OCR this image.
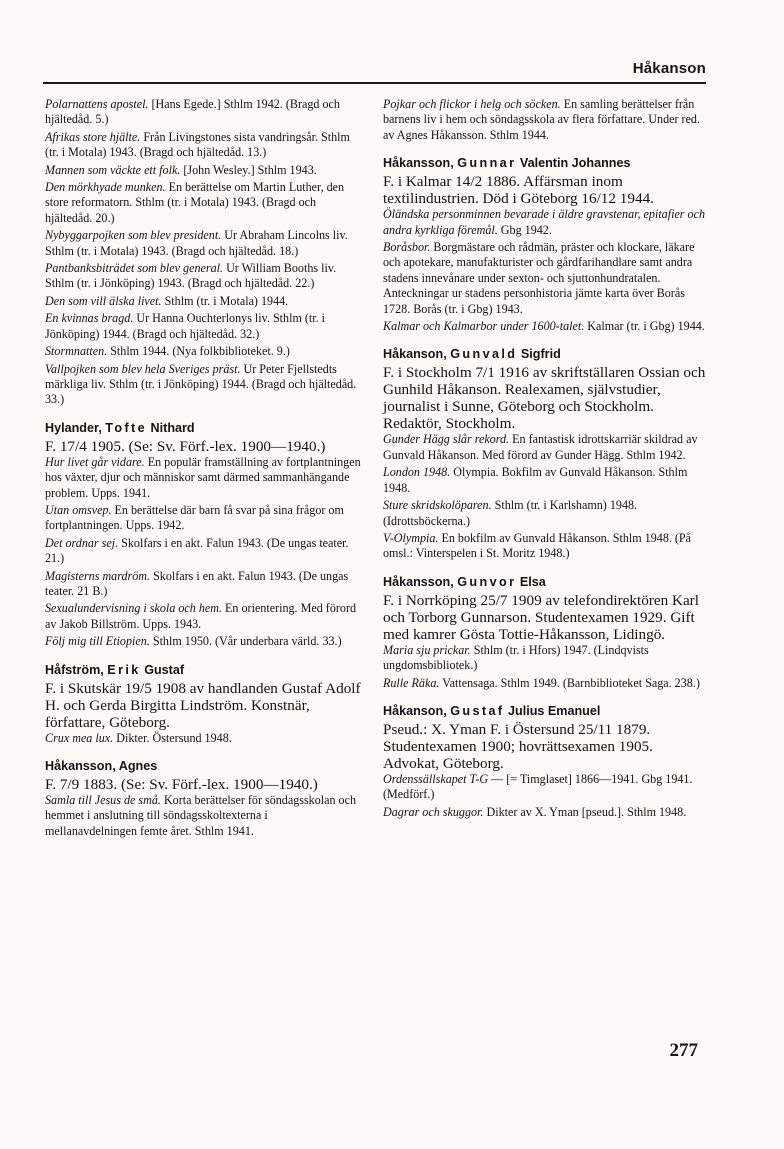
Håkanson

Polarnattens apostel. [Hans Egede.] Sthlm 1942. (Bragd och hjältedåd. 5.)

Afrikas store hjälte. Från Livingstones sista vandringsår. Sthlm (tr. i Motala) 1943. (Bragd och hjältedåd. 13.)

Mannen som väckte ett folk. [John Wesley.] Sthlm 1943.

Den mörkhyade munken. En berättelse om Martin Luther, den store reformatorn. Sthlm (tr. i Motala) 1943. (Bragd och hjältedåd. 20.)

Nybyggarpojken som blev president. Ur Abraham Lincolns liv. Sthlm (tr. i Motala) 1943. (Bragd och hjältedåd. 18.)

Pantbanksbiträdet som blev general. Ur William Booths liv. Sthlm (tr. i Jönköping) 1943. (Bragd och hjältedåd. 22.)

Den som vill älska livet. Sthlm (tr. i Motala) 1944.

En kvinnas bragd. Ur Hanna Ouchterlonys liv. Sthlm (tr. i Jönköping) 1944. (Bragd och hjältedåd. 32.)

Stormnatten. Sthlm 1944. (Nya folkbiblioteket. 9.)

Vallpojken som blev hela Sveriges präst. Ur Peter Fjellstedts märkliga liv. Sthlm (tr. i Jönköping) 1944. (Bragd och hjältedåd. 33.)

Hylander, Tofte Nithard

F. 17/4 1905. (Se: Sv. Förf.-lex. 1900—1940.)

Hur livet går vidare. En populär framställning av fortplantningen hos växter, djur och människor samt därmed sammanhängande problem. Upps. 1941.

Utan omsvep. En berättelse där barn få svar på sina frågor om fortplantningen. Upps. 1942.

Det ordnar sej. Skolfars i en akt. Falun 1943. (De ungas teater. 21.)

Magisterns mardröm. Skolfars i en akt. Falun 1943. (De ungas teater. 21 B.)

Sexualundervisning i skola och hem. En orientering. Med förord av Jakob Billström. Upps. 1943.

Följ mig till Etiopien. Sthlm 1950. (Vår underbara värld. 33.)

Håfström, Erik Gustaf

F. i Skutskär 19/5 1908 av handlanden Gustaf Adolf H. och Gerda Birgitta Lindström. Konstnär, författare, Göteborg.

Crux mea lux. Dikter. Östersund 1948.

Håkansson, Agnes

F. 7/9 1883. (Se: Sv. Förf.-lex. 1900—1940.)

Samla till Jesus de små. Korta berättelser för söndagsskolan och hemmet i anslutning till söndagsskoltexterna i mellanavdelningen femte året. Sthlm 1941.

Pojkar och flickor i helg och söcken. En samling berättelser från barnens liv i hem och söndagsskola av flera författare. Under red. av Agnes Håkansson. Sthlm 1944.

Håkansson, Gunnar Valentin Johannes

F. i Kalmar 14/2 1886. Affärsman inom textilindustrien. Död i Göteborg 16/12 1944.

Öländska personminnen bevarade i äldre gravstenar, epitafier och andra kyrkliga föremål. Gbg 1942.

Boråsbor. Borgmästare och rådmän, präster och klockare, läkare och apotekare, manufakturister och gårdfarihandlare samt andra stadens innevånare under sexton- och sjuttonhundratalen. Anteckningar ur stadens personhistoria jämte karta över Borås 1728. Borås (tr. i Gbg) 1943.

Kalmar och Kalmarbor under 1600-talet. Kalmar (tr. i Gbg) 1944.

Håkanson, Gunvald Sigfrid

F. i Stockholm 7/1 1916 av skriftställaren Ossian och Gunhild Håkanson. Realexamen, självstudier, journalist i Sunne, Göteborg och Stockholm. Redaktör, Stockholm.

Gunder Hägg slår rekord. En fantastisk idrottskarriär skildrad av Gunvald Håkanson. Med förord av Gunder Hägg. Sthlm 1942.

London 1948. Olympia. Bokfilm av Gunvald Håkanson. Sthlm 1948.

Sture skridskolöparen. Sthlm (tr. i Karlshamn) 1948. (Idrottsböckerna.)

V-Olympia. En bokfilm av Gunvald Håkanson. Sthlm 1948. (På omsl.: Vinterspelen i St. Moritz 1948.)

Håkansson, Gunvor Elsa

F. i Norrköping 25/7 1909 av telefondirektören Karl och Torborg Gunnarson. Studentexamen 1929. Gift med kamrer Gösta Tottie-Håkansson, Lidingö.

Maria sju prickar. Sthlm (tr. i Hfors) 1947. (Lindqvists ungdomsbibliotek.)

Rulle Räka. Vattensaga. Sthlm 1949. (Barnbiblioteket Saga. 238.)

Håkanson, Gustaf Julius Emanuel

Pseud.: X. Yman F. i Östersund 25/11 1879. Studentexamen 1900; hovrättsexamen 1905. Advokat, Göteborg.

Ordenssällskapet T-G — [= Timglaset] 1866—1941. Gbg 1941. (Medförf.)

Dagrar och skuggor. Dikter av X. Yman [pseud.]. Sthlm 1948.

277
